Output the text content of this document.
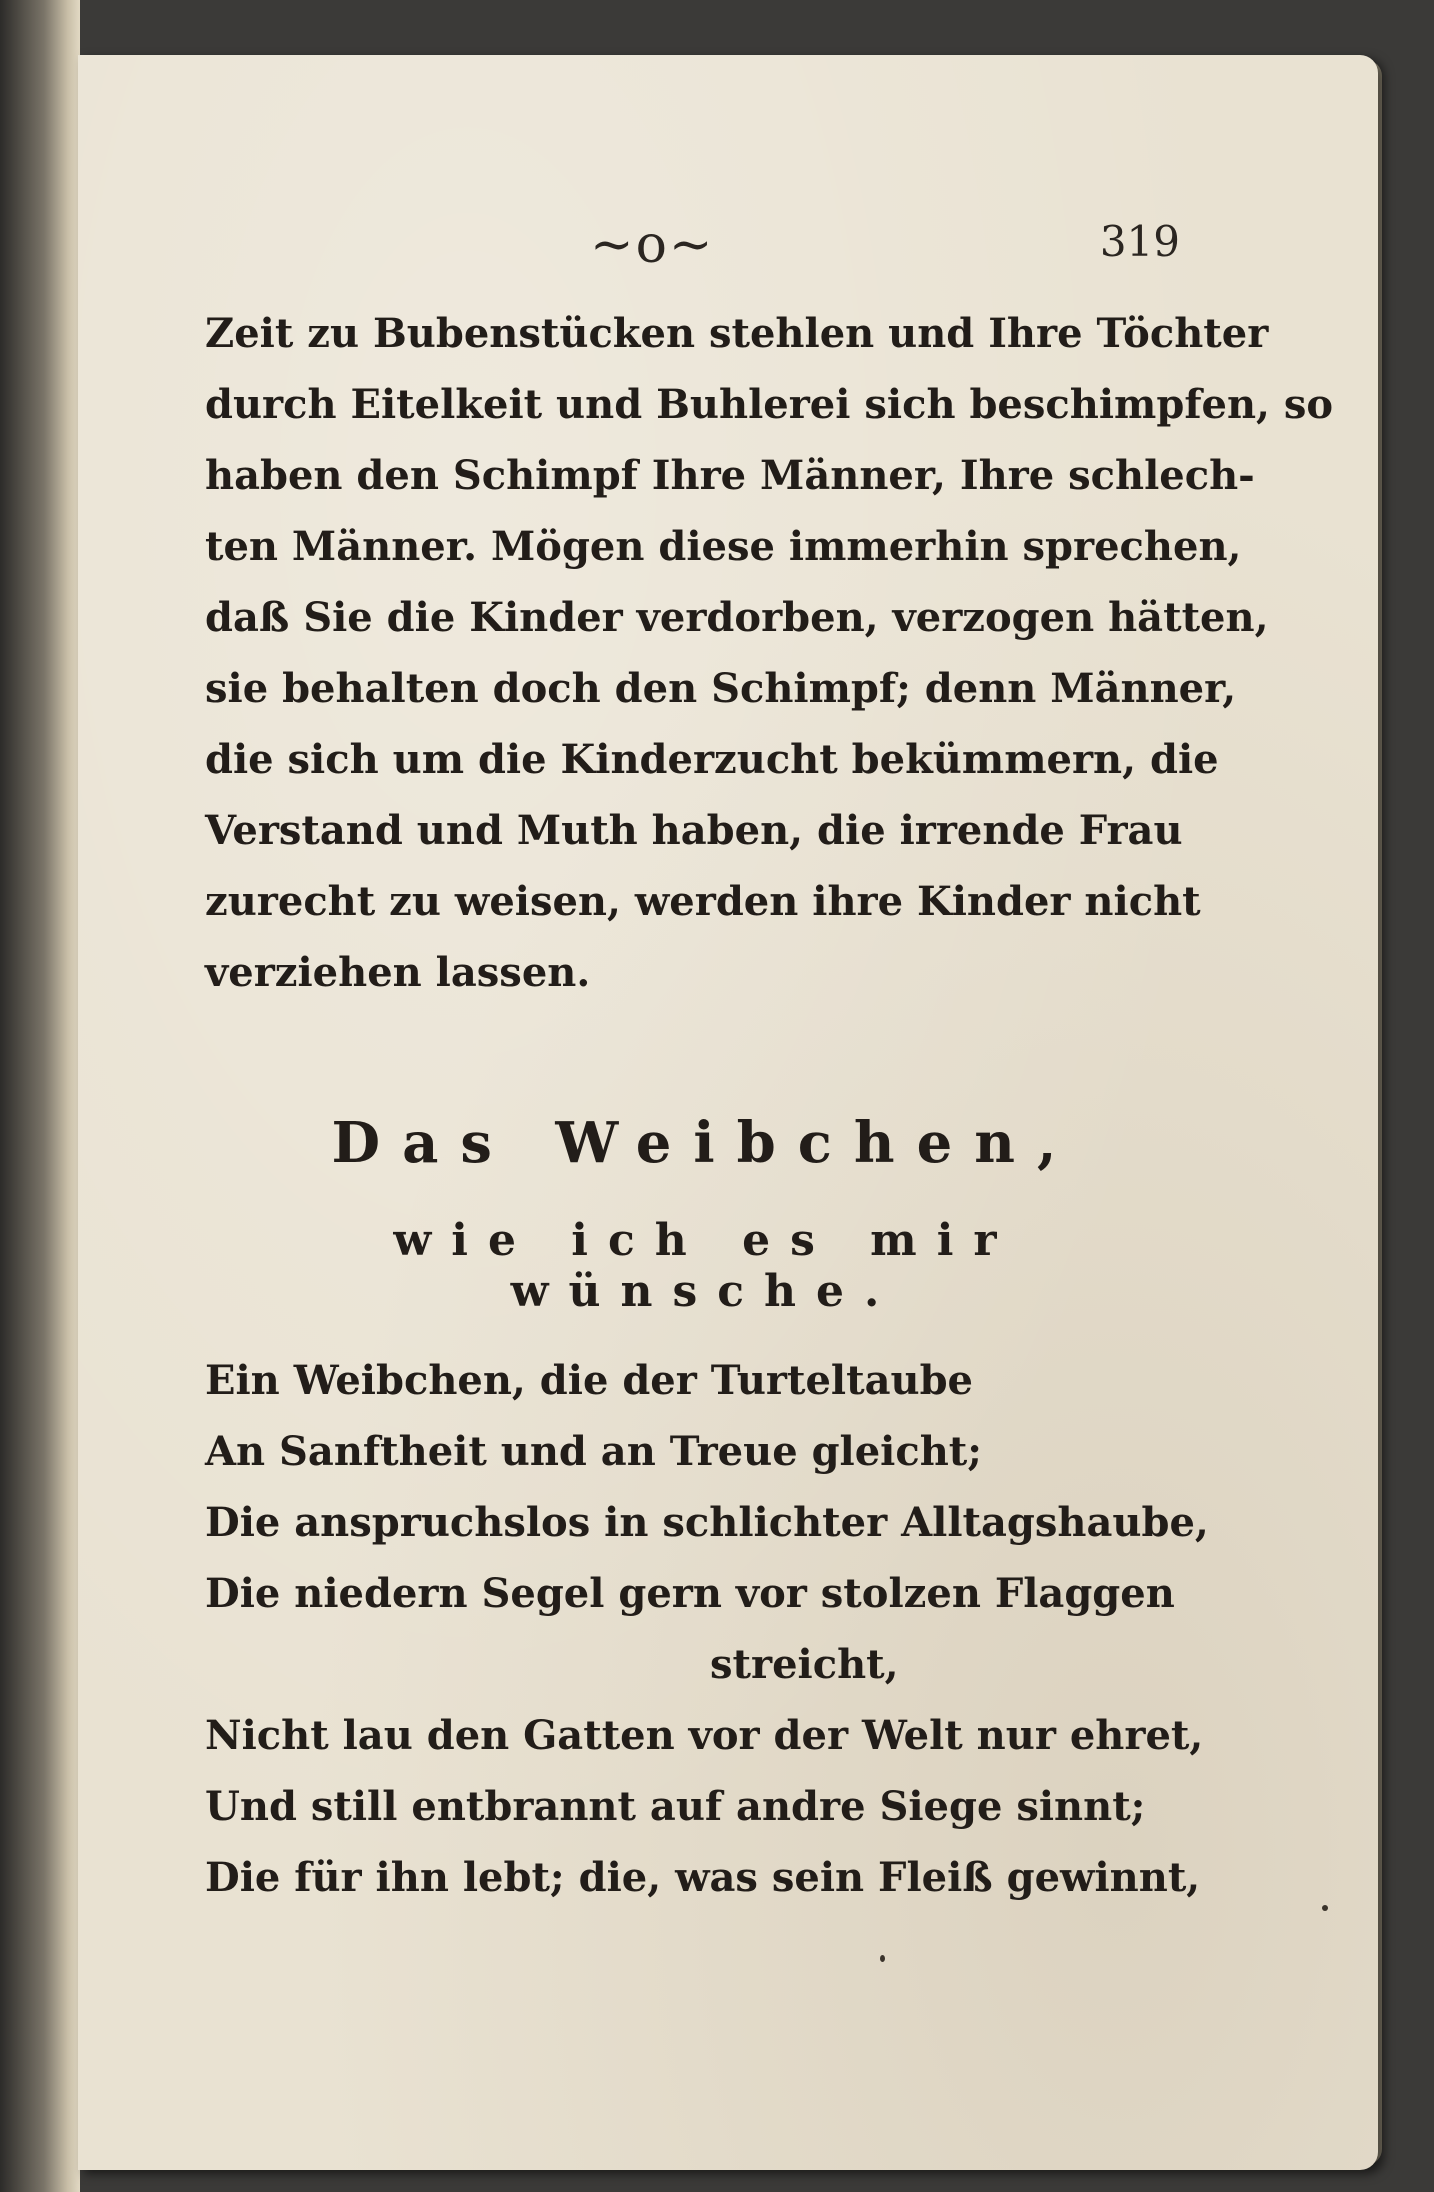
~o~	319
Zeit zu Bubenstücken stehlen und Ihre Töchter
durch Eitelkeit und Buhlerei sich beschimpfen, so
haben den Schimpf Ihre Männer, Ihre schlech-
ten Männer. Mögen diese immerhin sprechen,
daß Sie die Kinder verdorben, verzogen hätten,
sie behalten doch den Schimpf; denn Männer,
die sich um die Kinderzucht bekümmern, die
Verstand und Muth haben, die irrende Frau
zurecht zu weisen, werden ihre Kinder nicht
verziehen lassen.
Das Weibchen,
wie ich es mir wünsche.
Ein Weibchen, die der Turteltaube
An Sanftheit und an Treue gleicht;
Die anspruchslos in schlichter Alltagshaube,
Die niedern Segel gern vor stolzen Flaggen
streicht,
Nicht lau den Gatten vor der Welt nur ehret,
Und still entbrannt auf andre Siege sinnt;
Die für ihn lebt; die, was sein Fleiß gewinnt,
